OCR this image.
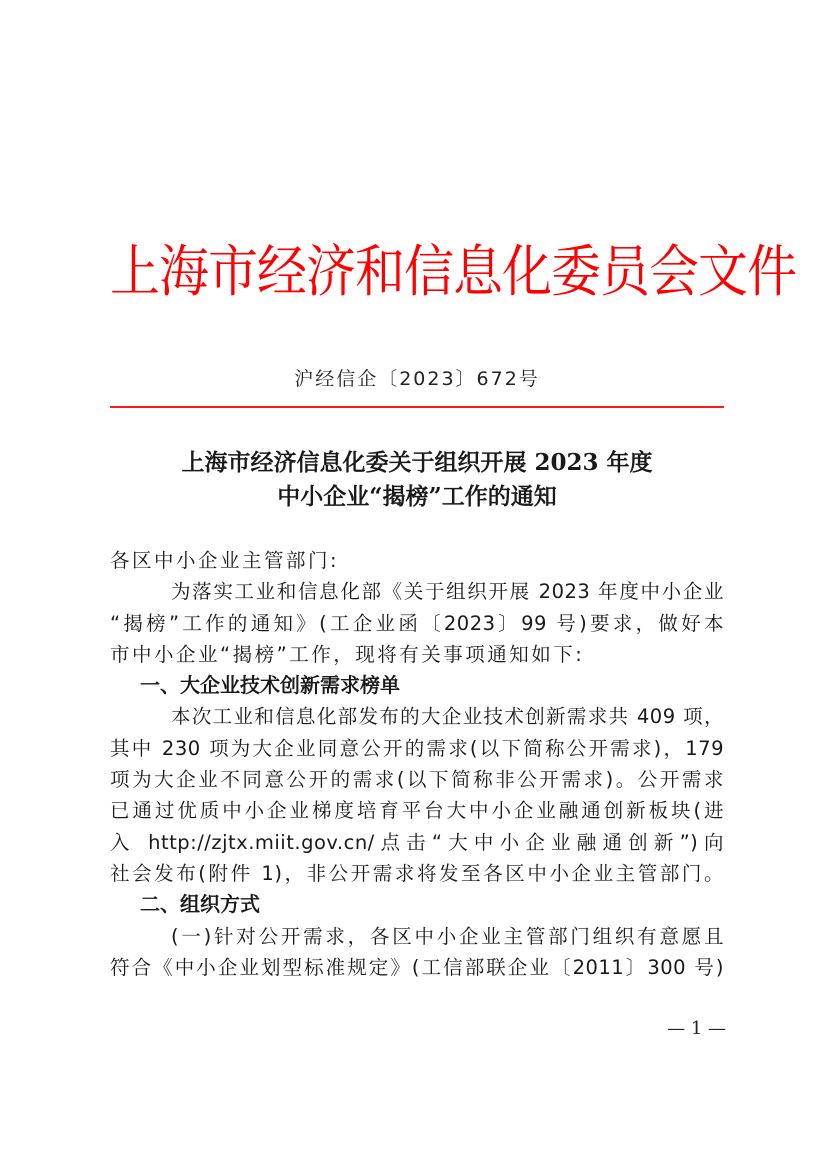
上海市经济和信息化委员会文件
沪经信企〔2023〕672号
上海市经济信息化委关于组织开展 2023 年度
中小企业“揭榜”工作的通知
各区中小企业主管部门:
为落实工业和信息化部《关于组织开展 2023 年度中小企业
“揭榜”工作的通知》(工企业函〔2023〕99 号)要求，做好本
市中小企业“揭榜”工作，现将有关事项通知如下:
一、大企业技术创新需求榜单
本次工业和信息化部发布的大企业技术创新需求共 409 项，
其中 230 项为大企业同意公开的需求(以下简称公开需求)，179
项为大企业不同意公开的需求(以下简称非公开需求)。公开需求
已通过优质中小企业梯度培育平台大中小企业融通创新板块(进
入 http://zjtx.miit.gov.cn/点击“大中小企业融通创新”)向
社会发布(附件 1)，非公开需求将发至各区中小企业主管部门。
二、组织方式
(一)针对公开需求，各区中小企业主管部门组织有意愿且
符合《中小企业划型标准规定》(工信部联企业〔2011〕300 号)
— 1 —
